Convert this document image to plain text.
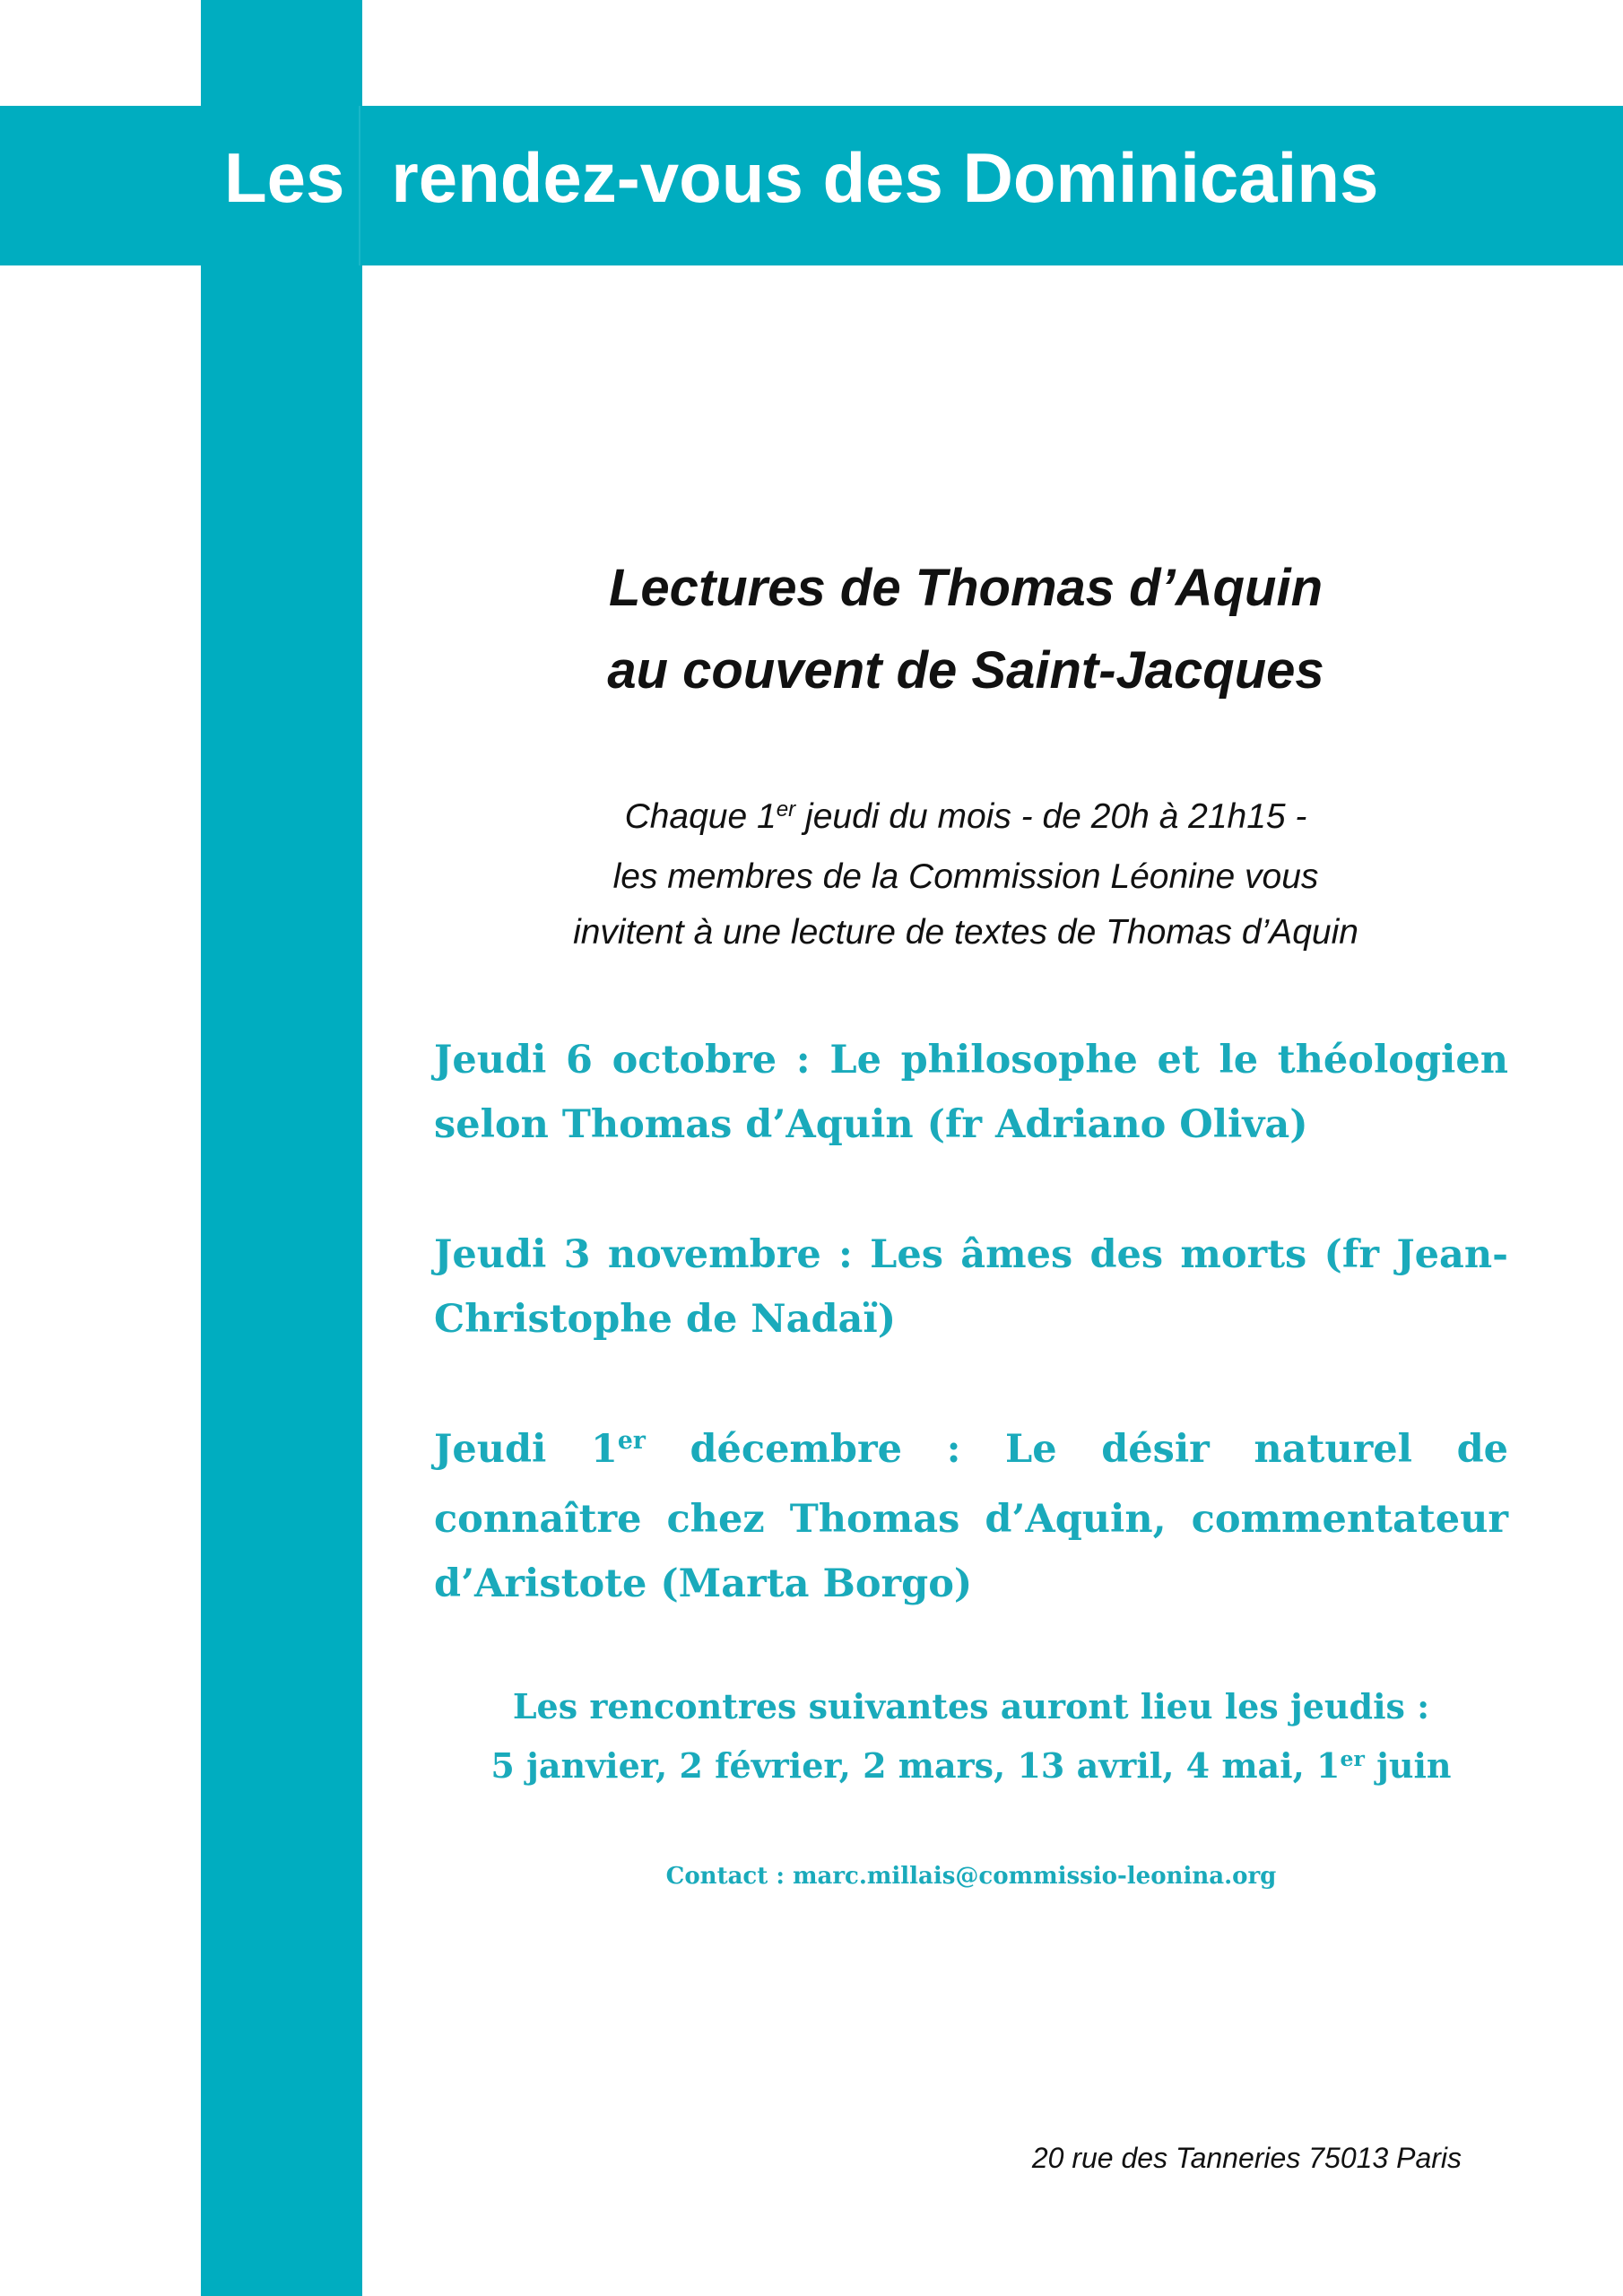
Les rendez-vous des Dominicains
Lectures de Thomas d’Aquin
au couvent de Saint-Jacques

Chaque 1er jeudi du mois - de 20h à 21h15 -

les membres de la Commission Léonine vous

invitent à une lecture de textes de Thomas d’Aquin

Jeudi 6 octobre : Le philosophe et le théologien selon Thomas d’Aquin (fr Adriano Oliva)

Jeudi 3 novembre : Les âmes des morts (fr Jean-Christophe de Nadaï)

Jeudi 1er décembre : Le désir naturel de connaître chez Thomas d’Aquin, commentateur d’Aristote (Marta Borgo)

Les rencontres suivantes auront lieu les jeudis :

5 janvier, 2 février, 2 mars, 13 avril, 4 mai, 1er juin

Contact : marc.millais@commissio-leonina.org

20 rue des Tanneries 75013 Paris
